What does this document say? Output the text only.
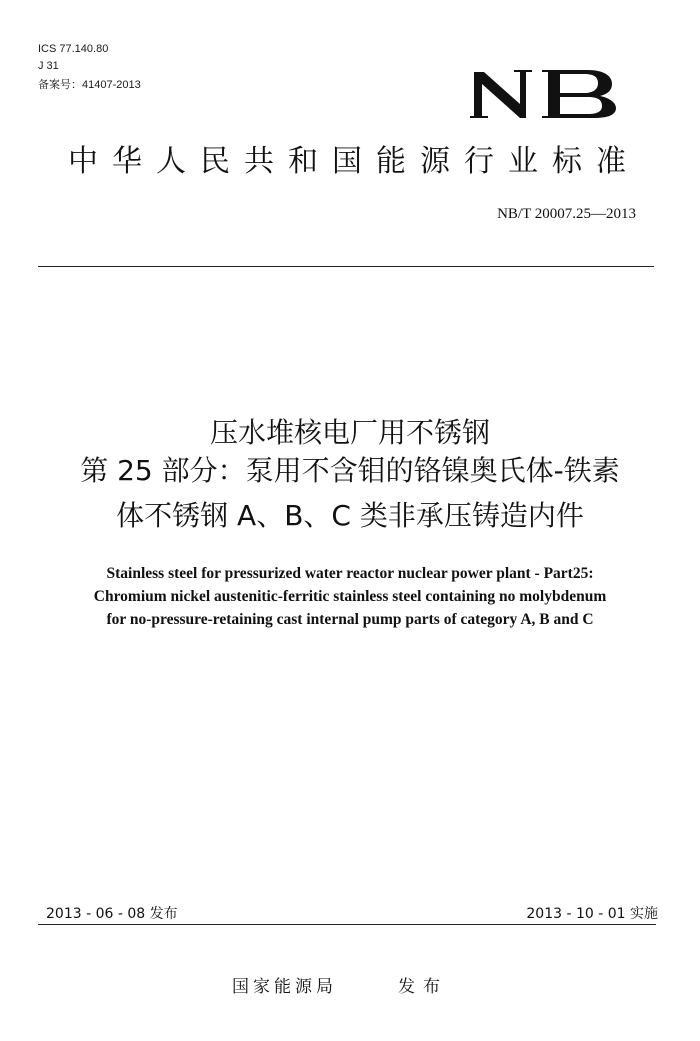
ICS 77.140.80
J 31
备案号：41407-2013
中华人民共和国能源行业标准
NB/T 20007.25—2013
压水堆核电厂用不锈钢
第 25 部分：泵用不含钼的铬镍奥氏体-铁素
体不锈钢 A、B、C 类非承压铸造内件
Stainless steel for pressurized water reactor nuclear power plant - Part25:
Chromium nickel austenitic-ferritic stainless steel containing no molybdenum
for no-pressure-retaining cast internal pump parts of category A, B and C
2013 - 06 - 08 发布	2013 - 10 - 01 实施
国家能源局	发布
